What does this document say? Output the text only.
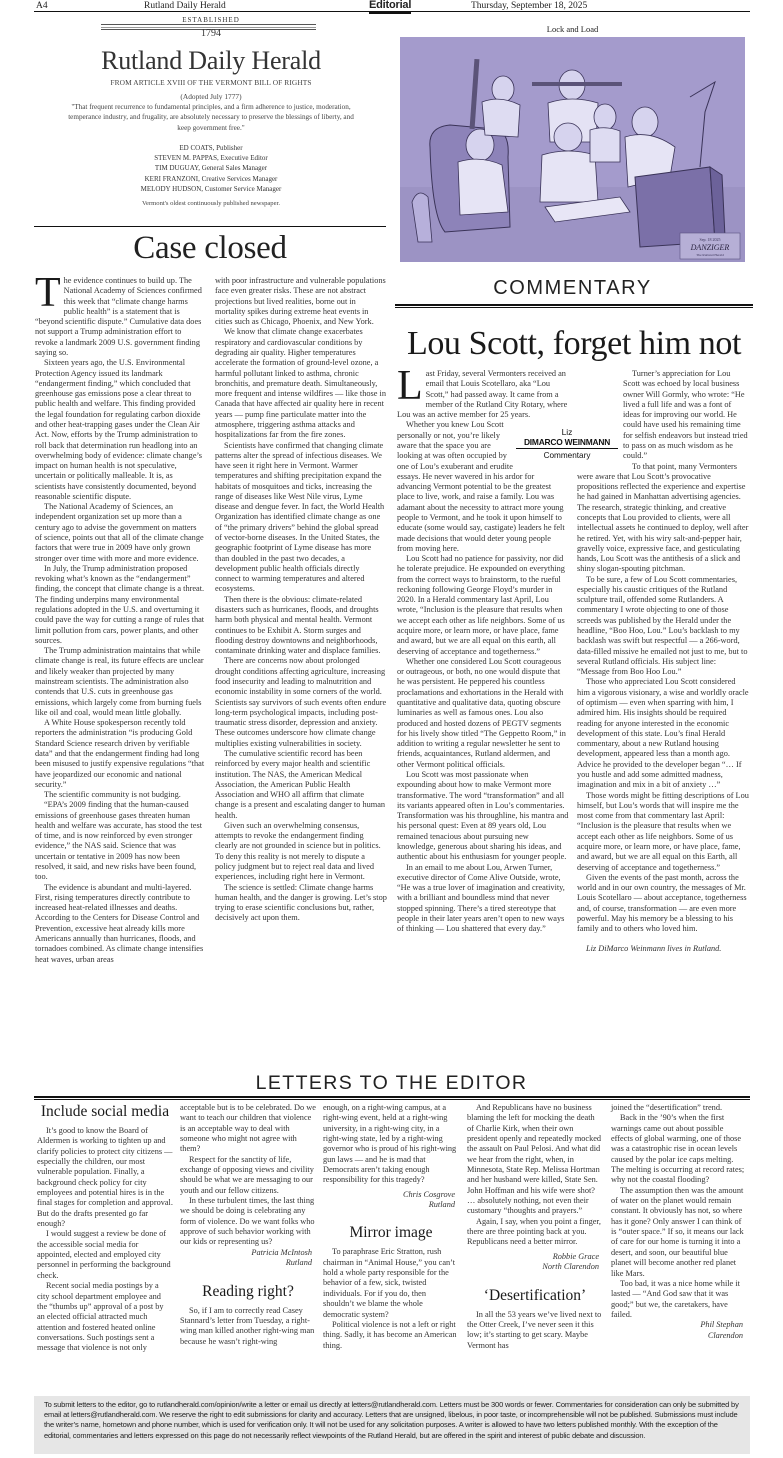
A4	Rutland Daily Herald	Editorial	Thursday, September 18, 2025
ESTABLISHED
1794
Rutland Daily Herald
FROM ARTICLE XVIII OF THE VERMONT BILL OF RIGHTS
(Adopted July 1777)
"That frequent recurrence to fundamental principles, and a firm adherence to justice, moderation, temperance industry, and frugality, are absolutely necessary to preserve the blessings of liberty, and keep government free."
ED COATS, Publisher
STEVEN M. PAPPAS, Executive Editor
TIM DUGUAY, General Sales Manager
KERI FRANZONI, Creative Services Manager
MELODY HUDSON, Customer Service Manager
Vermont's oldest continuously published newspaper.
Lock and Load
Sep. 18 2025
DANZIGER
The Rutland Herald
Case closed

The evidence continues to build up. The National Academy of Sciences confirmed this week that “climate change harms public health” is a statement that is “beyond scientific dispute.” Cumulative data does not support a Trump administration effort to revoke a landmark 2009 U.S. government finding saying so.

Sixteen years ago, the U.S. Environmental Protection Agency issued its landmark “endangerment finding,” which concluded that greenhouse gas emissions pose a clear threat to public health and welfare. This finding provided the legal foundation for regulating carbon dioxide and other heat-trapping gases under the Clean Air Act. Now, efforts by the Trump administration to roll back that determination run headlong into an overwhelming body of evidence: climate change’s impact on human health is not speculative, uncertain or politically malleable. It is, as scientists have consistently documented, beyond reasonable scientific dispute.

The National Academy of Sciences, an independent organization set up more than a century ago to advise the government on matters of science, points out that all of the climate change factors that were true in 2009 have only grown stronger over time with more and more evidence.

In July, the Trump administration proposed revoking what’s known as the “endangerment” finding, the concept that climate change is a threat. The finding underpins many environmental regulations adopted in the U.S. and overturning it could pave the way for cutting a range of rules that limit pollution from cars, power plants, and other sources.

The Trump administration maintains that while climate change is real, its future effects are unclear and likely weaker than projected by many mainstream scientists. The administration also contends that U.S. cuts in greenhouse gas emissions, which largely come from burning fuels like oil and coal, would mean little globally.

A White House spokesperson recently told reporters the administration “is producing Gold Standard Science research driven by verifiable data” and that the endangerment finding had long been misused to justify expensive regulations “that have jeopardized our economic and national security.”

The scientific community is not budging.

“EPA’s 2009 finding that the human-caused emissions of greenhouse gases threaten human health and welfare was accurate, has stood the test of time, and is now reinforced by even stronger evidence,” the NAS said. Science that was uncertain or tentative in 2009 has now been resolved, it said, and new risks have been found, too.

The evidence is abundant and multi-layered. First, rising temperatures directly contribute to increased heat-related illnesses and deaths. According to the Centers for Disease Control and Prevention, excessive heat already kills more Americans annually than hurricanes, floods, and tornadoes combined. As climate change intensifies heat waves, urban areas

with poor infrastructure and vulnerable populations face even greater risks. These are not abstract projections but lived realities, borne out in mortality spikes during extreme heat events in cities such as Chicago, Phoenix, and New York.

We know that climate change exacerbates respiratory and cardiovascular conditions by degrading air quality. Higher temperatures accelerate the formation of ground-level ozone, a harmful pollutant linked to asthma, chronic bronchitis, and premature death. Simultaneously, more frequent and intense wildfires — like those in Canada that have affected air quality here in recent years — pump fine particulate matter into the atmosphere, triggering asthma attacks and hospitalizations far from the fire zones.

Scientists have confirmed that changing climate patterns alter the spread of infectious diseases. We have seen it right here in Vermont. Warmer temperatures and shifting precipitation expand the habitats of mosquitoes and ticks, increasing the range of diseases like West Nile virus, Lyme disease and dengue fever. In fact, the World Health Organization has identified climate change as one of “the primary drivers” behind the global spread of vector-borne diseases. In the United States, the geographic footprint of Lyme disease has more than doubled in the past two decades, a development public health officials directly connect to warming temperatures and altered ecosystems.

Then there is the obvious: climate-related disasters such as hurricanes, floods, and droughts harm both physical and mental health. Vermont continues to be Exhibit A. Storm surges and flooding destroy downtowns and neighborhoods, contaminate drinking water and displace families.

There are concerns now about prolonged drought conditions affecting agriculture, increasing food insecurity and leading to malnutrition and economic instability in some corners of the world. Scientists say survivors of such events often endure long-term psychological impacts, including post-traumatic stress disorder, depression and anxiety. These outcomes underscore how climate change multiplies existing vulnerabilities in society.

The cumulative scientific record has been reinforced by every major health and scientific institution. The NAS, the American Medical Association, the American Public Health Association and WHO all affirm that climate change is a present and escalating danger to human health.

Given such an overwhelming consensus, attempts to revoke the endangerment finding clearly are not grounded in science but in politics. To deny this reality is not merely to dispute a policy judgment but to reject real data and lived experiences, including right here in Vermont.

The science is settled: Climate change harms human health, and the danger is growing. Let’s stop trying to erase scientific conclusions but, rather, decisively act upon them.

COMMENTARY
Lou Scott, forget him not

Last Friday, several Vermonters received an email that Louis Scotellaro, aka “Lou Scott,” had passed away. It came from a member of the Rutland City Rotary, where Lou was an active member for 25 years.

Whether you knew Lou Scott personally or not, you’re likely aware that the space you are looking at was often occupied by one of Lou’s exuberant and erudite essays. He never wavered in his ardor for advancing Vermont potential to be the greatest place to live, work, and raise a family. Lou was adamant about the necessity to attract more young people to Vermont, and he took it upon himself to educate (some would say, castigate) leaders he felt made decisions that would deter young people from moving here.

Lou Scott had no patience for passivity, nor did he tolerate prejudice. He expounded on everything from the correct ways to brainstorm, to the rueful reckoning following George Floyd’s murder in 2020. In a Herald commentary last April, Lou wrote, “Inclusion is the pleasure that results when we accept each other as life neighbors. Some of us acquire more, or learn more, or have place, fame and award, but we are all equal on this earth, all deserving of acceptance and togetherness.”

Whether one considered Lou Scott courageous or outrageous, or both, no one would dispute that he was persistent. He peppered his countless proclamations and exhortations in the Herald with quantitative and qualitative data, quoting obscure luminaries as well as famous ones. Lou also produced and hosted dozens of PEGTV segments for his lively show titled “The Geppetto Room,” in addition to writing a regular newsletter he sent to friends, acquaintances, Rutland aldermen, and other Vermont political officials.

Lou Scott was most passionate when expounding about how to make Vermont more transformative. The word “transformation” and all its variants appeared often in Lou’s commentaries. Transformation was his throughline, his mantra and his personal quest: Even at 89 years old, Lou remained tenacious about pursuing new knowledge, generous about sharing his ideas, and authentic about his enthusiasm for younger people.

In an email to me about Lou, Arwen Turner, executive director of Come Alive Outside, wrote, “He was a true lover of imagination and creativity, with a brilliant and boundless mind that never stopped spinning. There’s a tired stereotype that people in their later years aren’t open to new ways of thinking — Lou shattered that every day.”

Turner’s appreciation for Lou Scott was echoed by local business owner Will Gormly, who wrote: “He lived a full life and was a font of ideas for improving our world. He could have used his remaining time for selfish endeavors but instead tried to pass on as much wisdom as he could.”

To that point, many Vermonters were aware that Lou Scott’s provocative propositions reflected the experience and expertise he had gained in Manhattan advertising agencies. The research, strategic thinking, and creative concepts that Lou provided to clients, were all intellectual assets he continued to deploy, well after he retired. Yet, with his wiry salt-and-pepper hair, gravelly voice, expressive face, and gesticulating hands, Lou Scott was the antithesis of a slick and shiny slogan-spouting pitchman.

To be sure, a few of Lou Scott commentaries, especially his caustic critiques of the Rutland sculpture trail, offended some Rutlanders. A commentary I wrote objecting to one of those screeds was published by the Herald under the headline, “Boo Hoo, Lou.” Lou’s backlash to my backlash was swift but respectful — a 266-word, data-filled missive he emailed not just to me, but to several Rutland officials. His subject line: “Message from Boo Hoo Lou.”

Those who appreciated Lou Scott considered him a vigorous visionary, a wise and worldly oracle of optimism — even when sparring with him, I admired him. His insights should be required reading for anyone interested in the economic development of this state. Lou’s final Herald commentary, about a new Rutland housing development, appeared less than a month ago. Advice he provided to the developer began “… If you hustle and add some admitted madness, imagination and mix in a bit of anxiety …”

Those words might be fitting descriptions of Lou himself, but Lou’s words that will inspire me the most come from that commentary last April: “Inclusion is the pleasure that results when we accept each other as life neighbors. Some of us acquire more, or learn more, or have place, fame, and award, but we are all equal on this Earth, all deserving of acceptance and togetherness.”

Given the events of the past month, across the world and in our own country, the messages of Mr. Louis Scotellaro — about acceptance, togetherness and, of course, transformation — are even more powerful. May his memory be a blessing to his family and to others who loved him.

Liz DiMarco Weinmann lives in Rutland.

Liz
DIMARCO WEINMANN
Commentary
LETTERS TO THE EDITOR
Include social media

It’s good to know the Board of Aldermen is working to tighten up and clarify policies to protect city citizens — especially the children, our most vulnerable population. Finally, a background check policy for city employees and potential hires is in the final stages for completion and approval. But do the drafts presented go far enough?

I would suggest a review be done of the accessible social media for appointed, elected and employed city personnel in performing the background check.

Recent social media postings by a city school department employee and the “thumbs up” approval of a post by an elected official attracted much attention and fostered heated online conversations. Such postings sent a message that violence is not only

acceptable but is to be celebrated. Do we want to teach our children that violence is an acceptable way to deal with someone who might not agree with them?

Respect for the sanctity of life, exchange of opposing views and civility should be what we are messaging to our youth and our fellow citizens.

In these turbulent times, the last thing we should be doing is celebrating any form of violence. Do we want folks who approve of such behavior working with our kids or representing us?

Patricia McIntosh

Rutland

Reading right?

So, if I am to correctly read Casey Stannard’s letter from Tuesday, a right-wing man killed another right-wing man because he wasn’t right-wing

enough, on a right-wing campus, at a right-wing event, held at a right-wing university, in a right-wing city, in a right-wing state, led by a right-wing governor who is proud of his right-wing gun laws — and he is mad that Democrats aren’t taking enough responsibility for this tragedy?

Chris Cosgrove

Rutland

Mirror image

To paraphrase Eric Stratton, rush chairman in “Animal House,” you can’t hold a whole party responsible for the behavior of a few, sick, twisted individuals. For if you do, then shouldn’t we blame the whole democratic system?

Political violence is not a left or right thing. Sadly, it has become an American thing.

And Republicans have no business blaming the left for mocking the death of Charlie Kirk, when their own president openly and repeatedly mocked the assault on Paul Pelosi. And what did we hear from the right, when, in Minnesota, State Rep. Melissa Hortman and her husband were killed, State Sen. John Hoffman and his wife were shot? … absolutely nothing, not even their customary “thoughts and prayers.”

Again, I say, when you point a finger, there are three pointing back at you. Republicans need a better mirror.

Robbie Grace

North Clarendon

‘Desertification’

In all the 53 years we’ve lived next to the Otter Creek, I’ve never seen it this low; it’s starting to get scary. Maybe Vermont has

joined the “desertification” trend.

Back in the ’90’s when the first warnings came out about possible effects of global warming, one of those was a catastrophic rise in ocean levels caused by the polar ice caps melting. The melting is occurring at record rates; why not the coastal flooding?

The assumption then was the amount of water on the planet would remain constant. It obviously has not, so where has it gone? Only answer I can think of is “outer space.” If so, it means our lack of care for our home is turning it into a desert, and soon, our beautiful blue planet will become another red planet like Mars.

Too bad, it was a nice home while it lasted — “And God saw that it was good;” but we, the caretakers, have failed.

Phil Stephan

Clarendon

To submit letters to the editor, go to rutlandherald.com/opinion/write a letter or email us directly at letters@rutlandherald.com. Letters must be 300 words or fewer. Commentaries for consideration can only be submitted by email at letters@rutlandherald.com. We reserve the right to edit submissions for clarity and accuracy. Letters that are unsigned, libelous, in poor taste, or incomprehensible will not be published. Submissions must include the writer’s name, hometown and phone number, which is used for verification only. It will not be used for any solicitation purposes. A writer is allowed to have two letters published monthly. With the exception of the editorial, commentaries and letters expressed on this page do not necessarily reflect viewpoints of the Rutland Herald, but are offered in the spirit and interest of public debate and discussion.
